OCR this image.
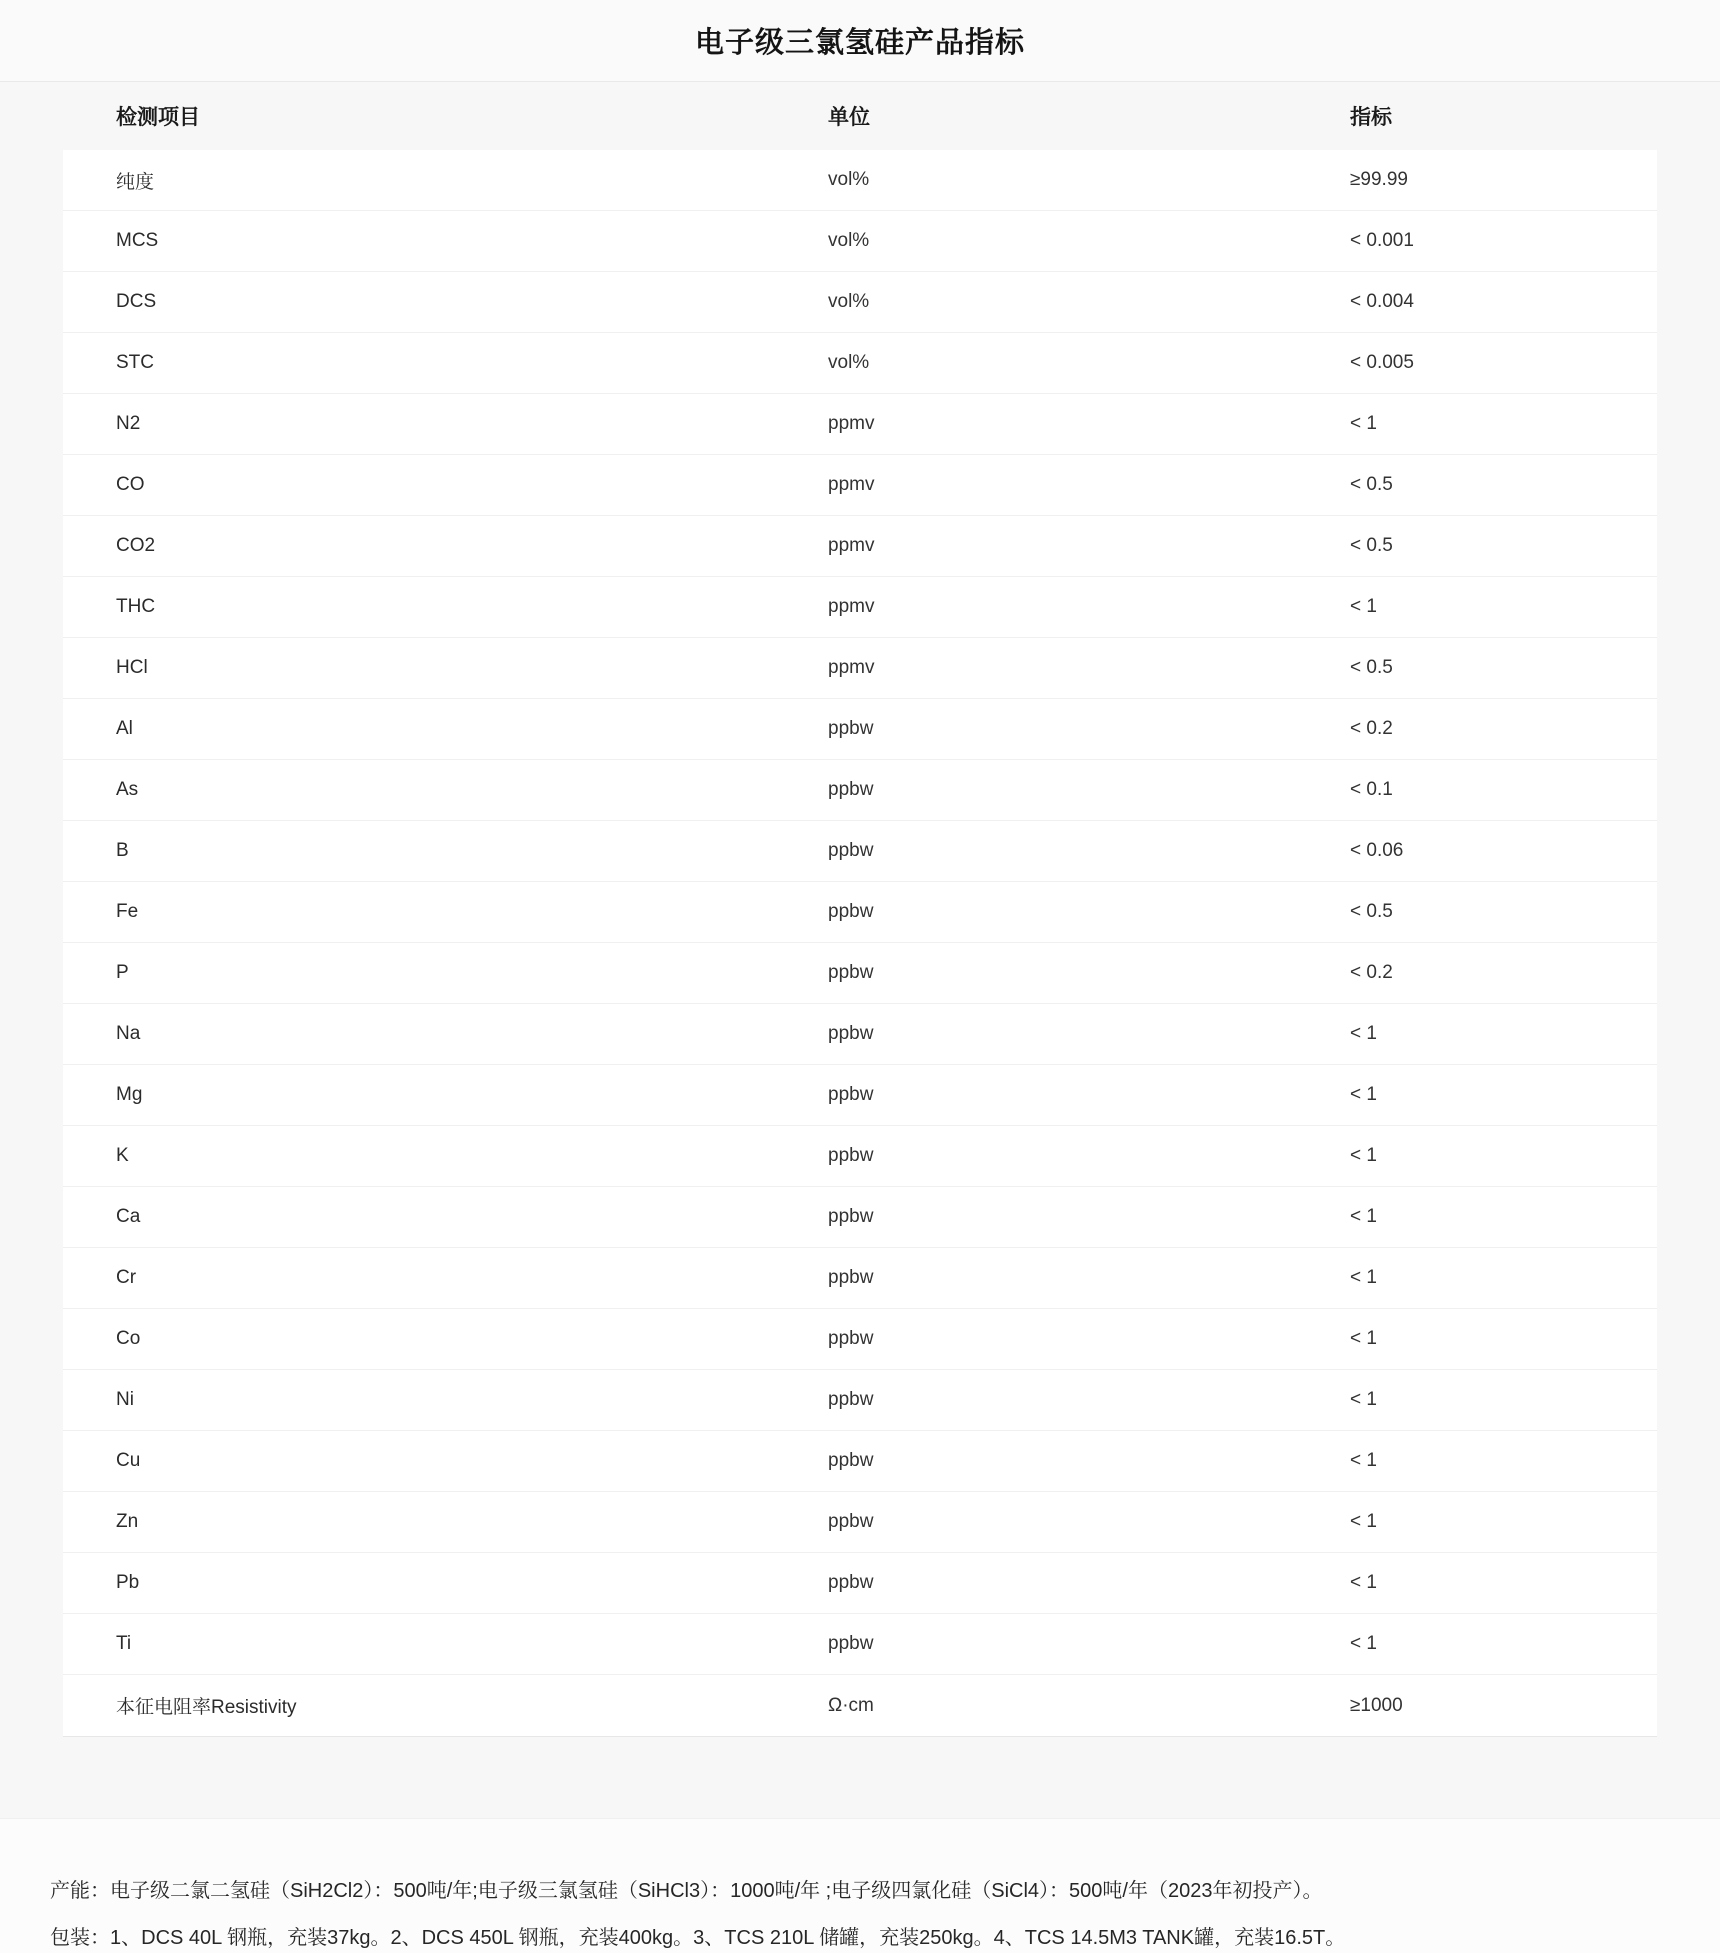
电子级三氯氢硅产品指标
检测项目	单位	指标
纯度	vol%	≥99.99
MCS	vol%	< 0.001
DCS	vol%	< 0.004
STC	vol%	< 0.005
N2	ppmv	< 1
CO	ppmv	< 0.5
CO2	ppmv	< 0.5
THC	ppmv	< 1
HCl	ppmv	< 0.5
Al	ppbw	< 0.2
As	ppbw	< 0.1
B	ppbw	< 0.06
Fe	ppbw	< 0.5
P	ppbw	< 0.2
Na	ppbw	< 1
Mg	ppbw	< 1
K	ppbw	< 1
Ca	ppbw	< 1
Cr	ppbw	< 1
Co	ppbw	< 1
Ni	ppbw	< 1
Cu	ppbw	< 1
Zn	ppbw	< 1
Pb	ppbw	< 1
Ti	ppbw	< 1
本征电阻率Resistivity	Ω·cm	≥1000
产能：电子级二氯二氢硅（SiH2Cl2）：500吨/年;电子级三氯氢硅（SiHCl3）：1000吨/年 ;电子级四氯化硅（SiCl4）：500吨/年（2023年初投产）。
包装：1、DCS 40L 钢瓶，充装37kg。2、DCS 450L 钢瓶，充装400kg。3、TCS 210L 储罐，充装250kg。4、TCS 14.5M3 TANK罐，充装16.5T。
